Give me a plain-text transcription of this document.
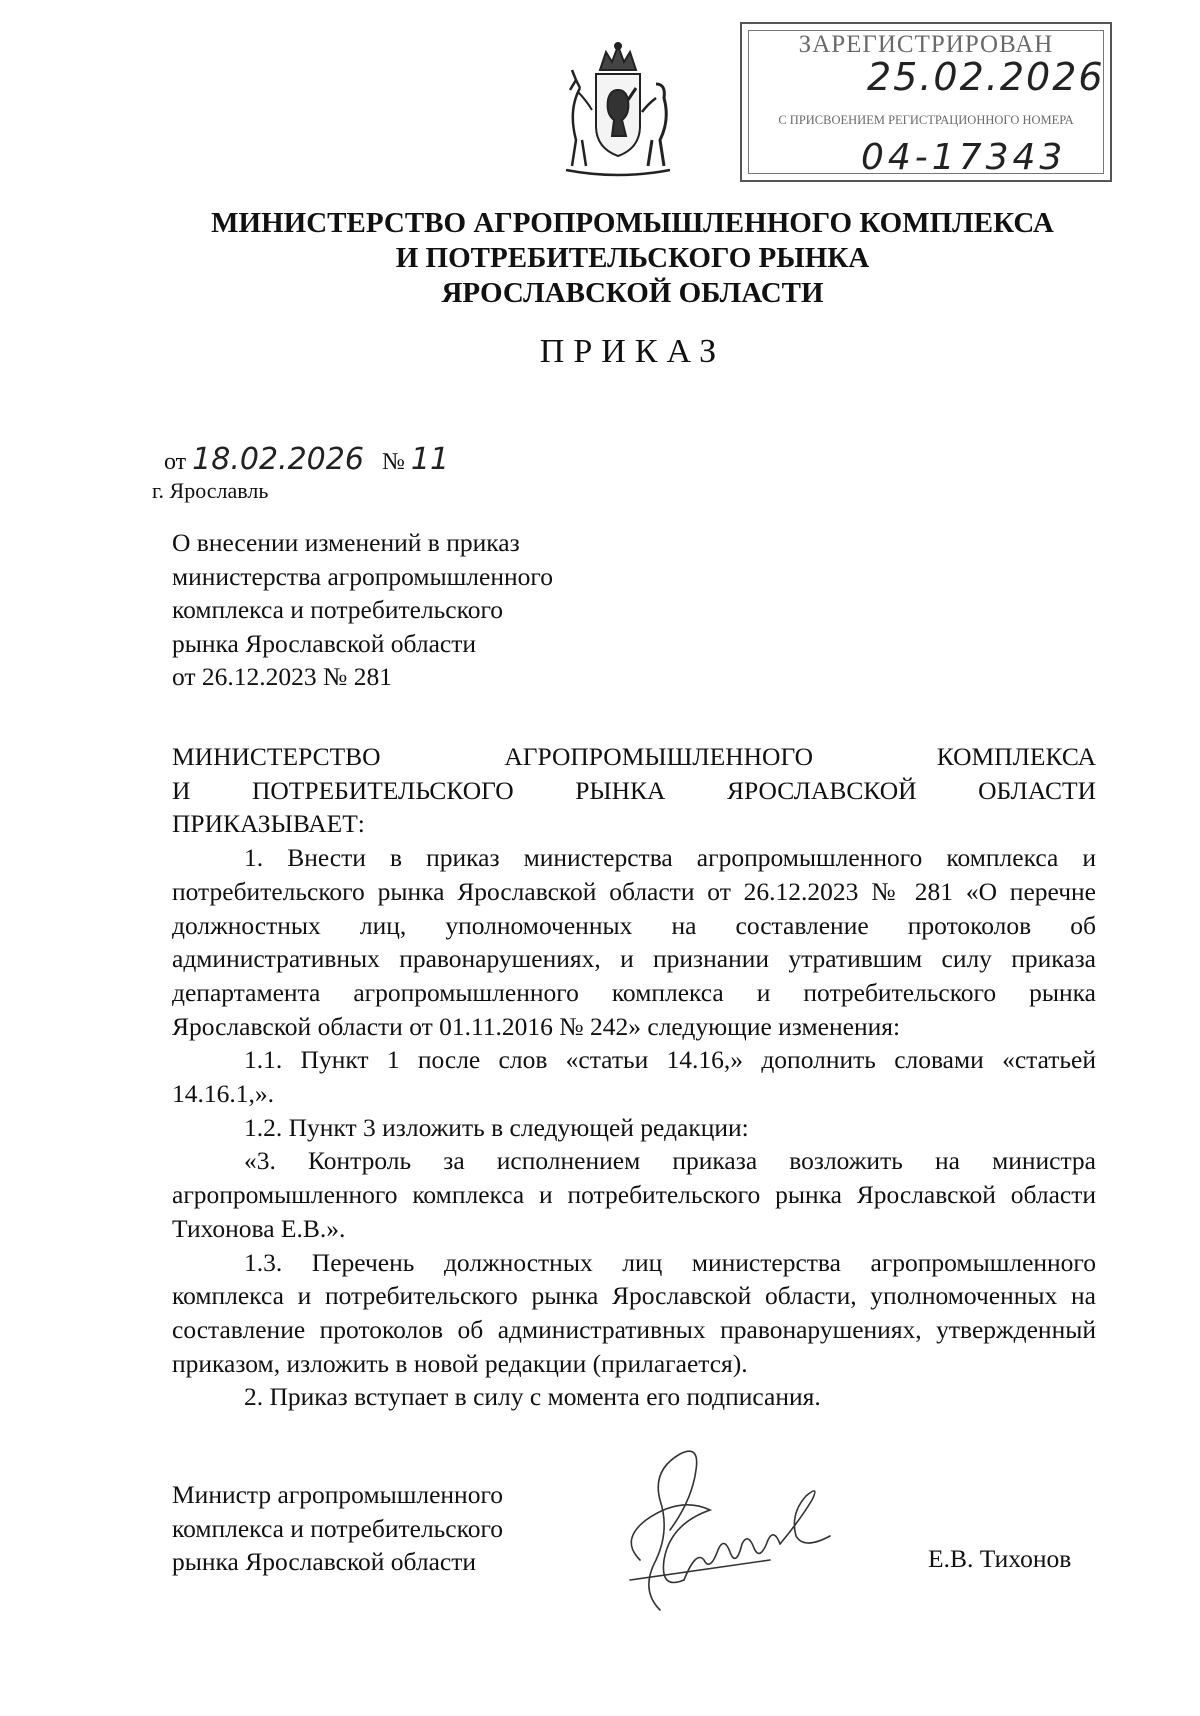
ЗАРЕГИСТРИРОВАН
25.02.2026
С ПРИСВОЕНИЕМ РЕГИСТРАЦИОННОГО НОМЕРА
04-17343
МИНИСТЕРСТВО АГРОПРОМЫШЛЕННОГО КОМПЛЕКСА
И ПОТРЕБИТЕЛЬСКОГО РЫНКА
ЯРОСЛАВСКОЙ ОБЛАСТИ
ПРИКАЗ
от 18.02.2026 № 11
г. Ярославль
О внесении изменений в приказ
министерства агропромышленного
комплекса и потребительского
рынка Ярославской области
от 26.12.2023 № 281
МИНИСТЕРСТВО АГРОПРОМЫШЛЕННОГО КОМПЛЕКСА
И ПОТРЕБИТЕЛЬСКОГО РЫНКА ЯРОСЛАВСКОЙ ОБЛАСТИ
ПРИКАЗЫВАЕТ:
1. Внести в приказ министерства агропромышленного комплекса и потребительского рынка Ярославской области от 26.12.2023 № 281 «О перечне должностных лиц, уполномоченных на составление протоколов об административных правонарушениях, и признании утратившим силу приказа департамента агропромышленного комплекса и потребительского рынка Ярославской области от 01.11.2016 № 242» следующие изменения:
1.1. Пункт 1 после слов «статьи 14.16,» дополнить словами «статьей 14.16.1,».
1.2. Пункт 3 изложить в следующей редакции:
«3. Контроль за исполнением приказа возложить на министра агропромышленного комплекса и потребительского рынка Ярославской области Тихонова Е.В.».
1.3. Перечень должностных лиц министерства агропромышленного комплекса и потребительского рынка Ярославской области, уполномоченных на составление протоколов об административных правонарушениях, утвержденный приказом, изложить в новой редакции (прилагается).
2. Приказ вступает в силу с момента его подписания.
Министр агропромышленного
комплекса и потребительского
рынка Ярославской области	Е.В. Тихонов
